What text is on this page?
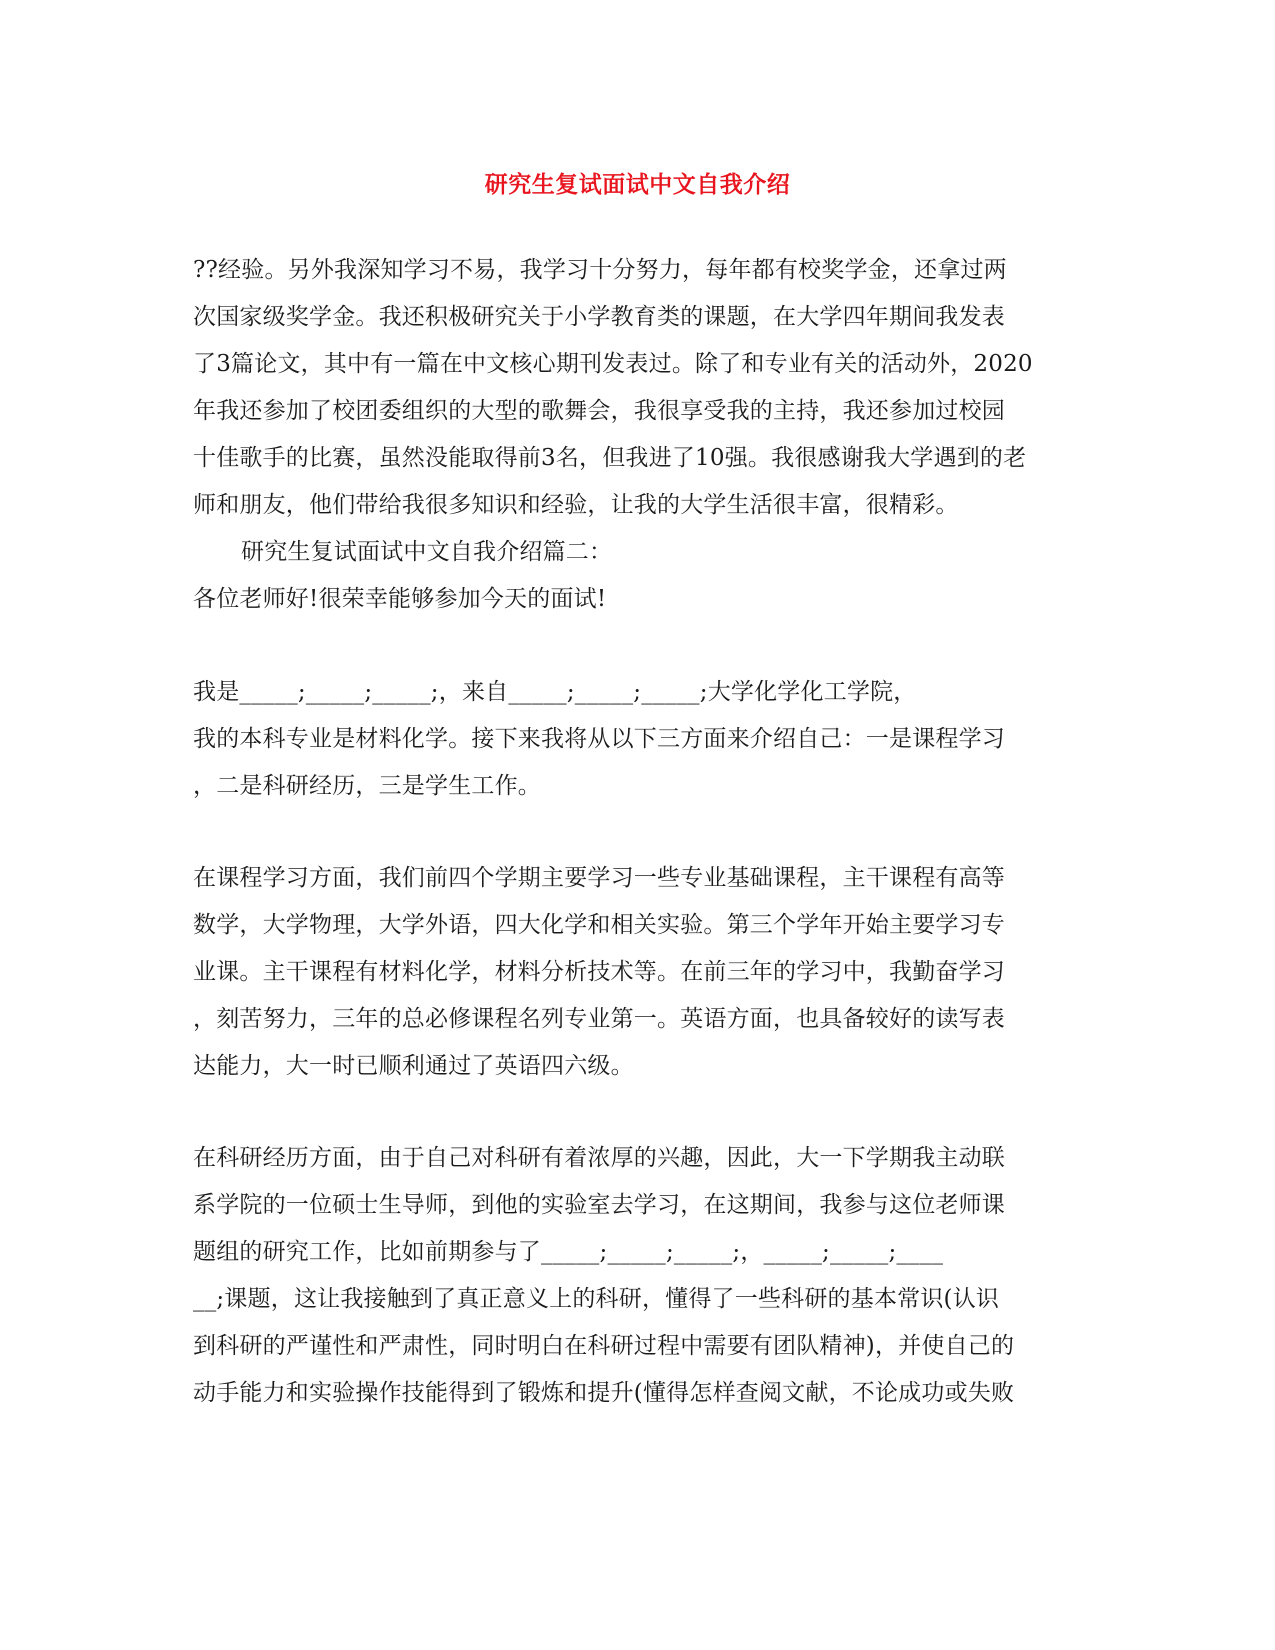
研究生复试面试中文自我介绍
??经验。另外我深知学习不易，我学习十分努力，每年都有校奖学金，还拿过两
次国家级奖学金。我还积极研究关于小学教育类的课题，在大学四年期间我发表
了3篇论文，其中有一篇在中文核心期刊发表过。除了和专业有关的活动外，2020
年我还参加了校团委组织的大型的歌舞会，我很享受我的主持，我还参加过校园
十佳歌手的比赛，虽然没能取得前3名，但我进了10强。我很感谢我大学遇到的老
师和朋友，他们带给我很多知识和经验，让我的大学生活很丰富，很精彩。
研究生复试面试中文自我介绍篇二：
各位老师好!很荣幸能够参加今天的面试!
我是_____;_____;_____;，来自_____;_____;_____;大学化学化工学院，
我的本科专业是材料化学。接下来我将从以下三方面来介绍自己：一是课程学习
，二是科研经历，三是学生工作。
在课程学习方面，我们前四个学期主要学习一些专业基础课程，主干课程有高等
数学，大学物理，大学外语，四大化学和相关实验。第三个学年开始主要学习专
业课。主干课程有材料化学，材料分析技术等。在前三年的学习中，我勤奋学习
，刻苦努力，三年的总必修课程名列专业第一。英语方面，也具备较好的读写表
达能力，大一时已顺利通过了英语四六级。
在科研经历方面，由于自己对科研有着浓厚的兴趣，因此，大一下学期我主动联
系学院的一位硕士生导师，到他的实验室去学习，在这期间，我参与这位老师课
题组的研究工作，比如前期参与了_____;_____;_____;，_____;_____;____
__;课题，这让我接触到了真正意义上的科研，懂得了一些科研的基本常识(认识
到科研的严谨性和严肃性，同时明白在科研过程中需要有团队精神)，并使自己的
动手能力和实验操作技能得到了锻炼和提升(懂得怎样查阅文献，不论成功或失败
